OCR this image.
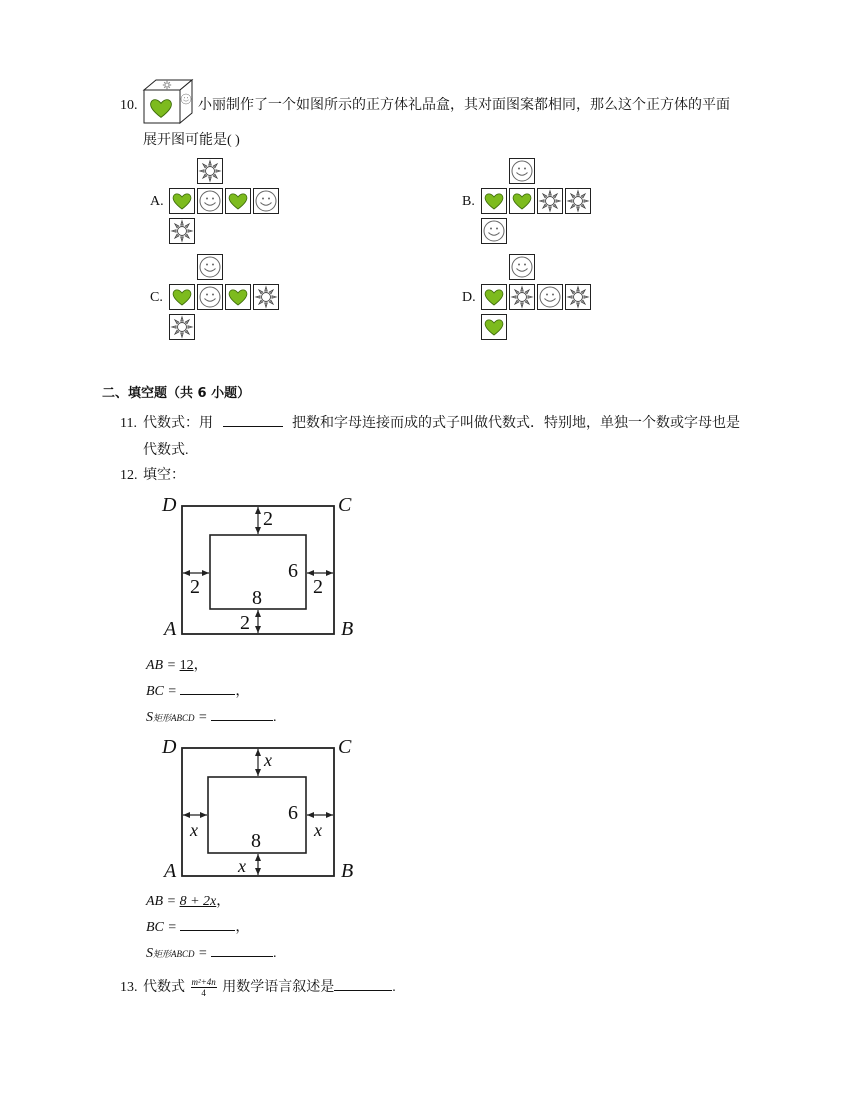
10.	小丽制作了一个如图所示的正方体礼品盒，其对面图案都相同，那么这个正方体的平面
展开图可能是( )
A.	B.
C.	D.
二、填空题（共 6 小题）
11. 代数式：用	把数和字母连接而成的式子叫做代数式．特别地，单独一个数或字母也是
代数式.
12. 填空：
D	C
A	B
2
2	2
2
8
6
AB = 12，
BC =	，
S矩形ABCD =	.
D	C
A	B
x
x	x
x
8
6
AB = 8 + 2x，
BC =	，
S矩形ABCD =	.
13. 代数式 $\frac{\text{m²+4n}}{4}$ 用数学语言叙述是	.
